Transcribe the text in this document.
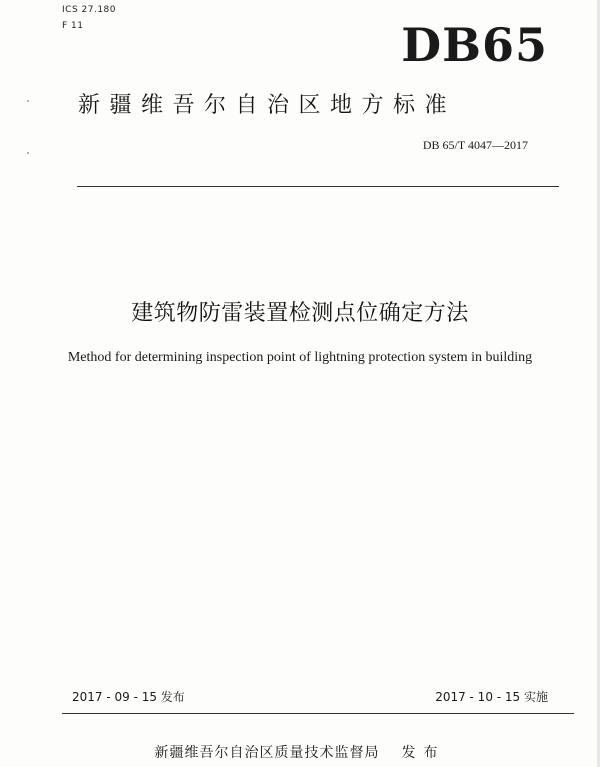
ICS 27.180
F 11	DB65
新疆维吾尔自治区地方标准
DB 65/T 4047—2017
建筑物防雷装置检测点位确定方法
Method for determining inspection point of lightning protection system in building
2017 - 09 - 15 发布	2017 - 10 - 15 实施
新疆维吾尔自治区质量技术监督局 发布
